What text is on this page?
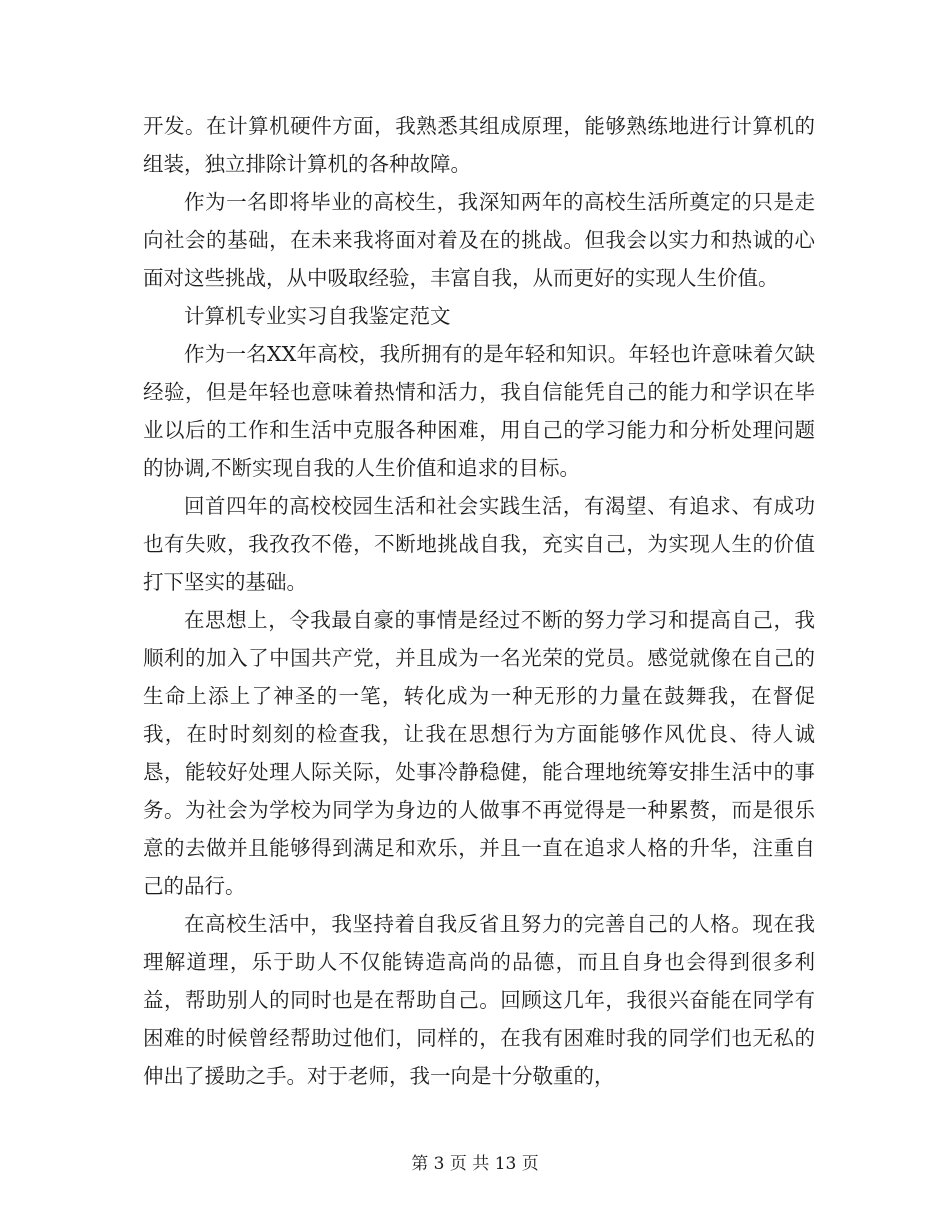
开发。在计算机硬件方面，我熟悉其组成原理，能够熟练地进行计算机的组装，独立排除计算机的各种故障。

作为一名即将毕业的高校生，我深知两年的高校生活所奠定的只是走向社会的基础，在未来我将面对着及在的挑战。但我会以实力和热诚的心面对这些挑战，从中吸取经验，丰富自我，从而更好的实现人生价值。

计算机专业实习自我鉴定范文

作为一名XX年高校，我所拥有的是年轻和知识。年轻也许意味着欠缺经验，但是年轻也意味着热情和活力，我自信能凭自己的能力和学识在毕业以后的工作和生活中克服各种困难，用自己的学习能力和分析处理问题的协调,不断实现自我的人生价值和追求的目标。

回首四年的高校校园生活和社会实践生活，有渴望、有追求、有成功也有失败，我孜孜不倦，不断地挑战自我，充实自己，为实现人生的价值打下坚实的基础。

在思想上，令我最自豪的事情是经过不断的努力学习和提高自己，我顺利的加入了中国共产党，并且成为一名光荣的党员。感觉就像在自己的生命上添上了神圣的一笔，转化成为一种无形的力量在鼓舞我，在督促我，在时时刻刻的检查我，让我在思想行为方面能够作风优良、待人诚恳，能较好处理人际关际，处事冷静稳健，能合理地统筹安排生活中的事务。为社会为学校为同学为身边的人做事不再觉得是一种累赘，而是很乐意的去做并且能够得到满足和欢乐，并且一直在追求人格的升华，注重自己的品行。

在高校生活中，我坚持着自我反省且努力的完善自己的人格。现在我理解道理，乐于助人不仅能铸造高尚的品德，而且自身也会得到很多利益，帮助别人的同时也是在帮助自己。回顾这几年，我很兴奋能在同学有困难的时候曾经帮助过他们，同样的，在我有困难时我的同学们也无私的伸出了援助之手。对于老师，我一向是十分敬重的，

第 3 页 共 13 页
